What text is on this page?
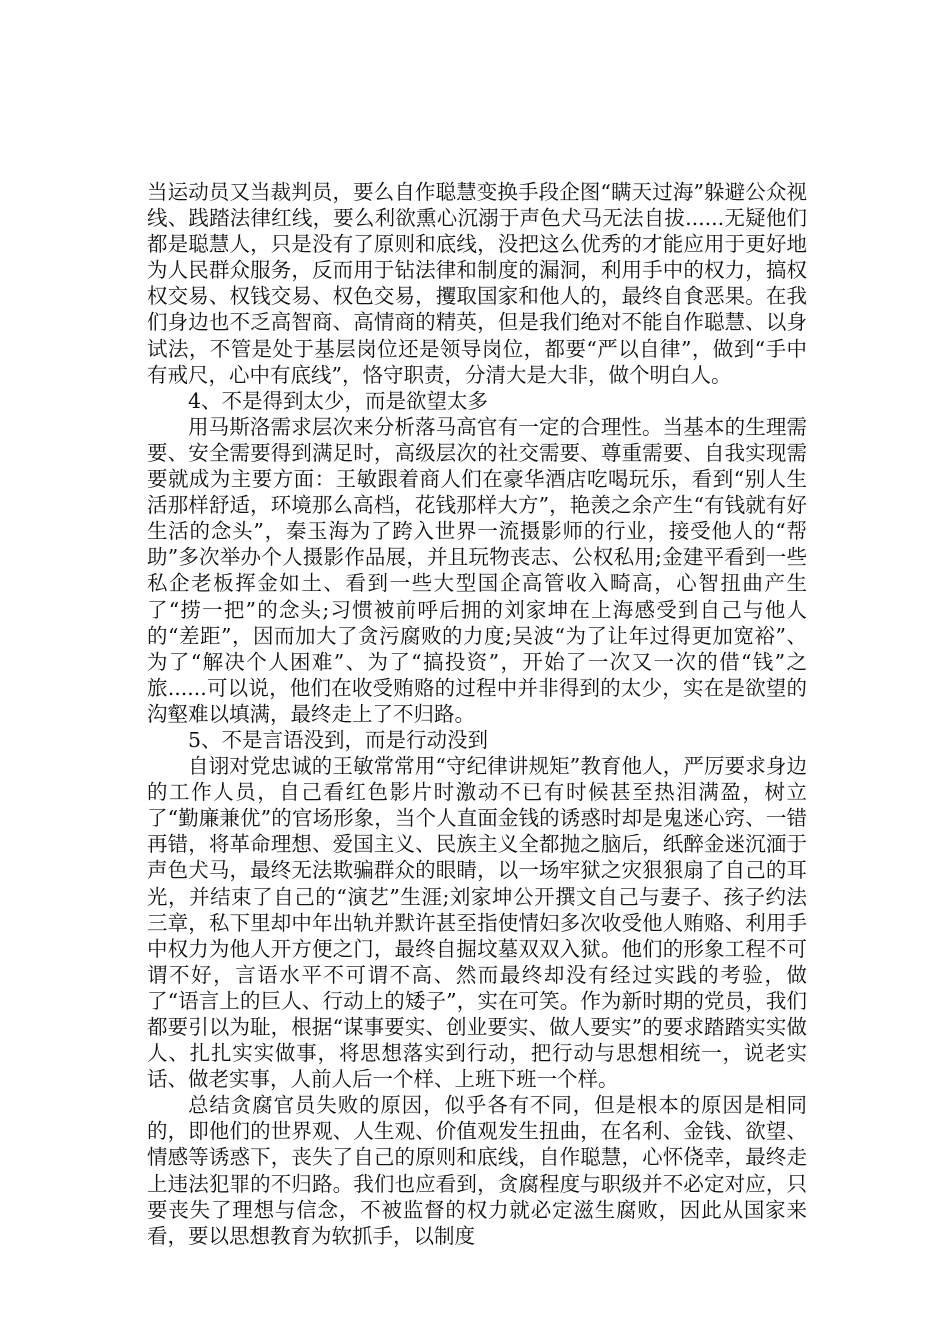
当运动员又当裁判员，要么自作聪慧变换手段企图“瞒天过海”躲避公众视线、践踏法律红线，要么利欲熏心沉溺于声色犬马无法自拔......无疑他们都是聪慧人，只是没有了原则和底线，没把这么优秀的才能应用于更好地为人民群众服务，反而用于钻法律和制度的漏洞，利用手中的权力，搞权权交易、权钱交易、权色交易，攫取国家和他人的，最终自食恶果。在我们身边也不乏高智商、高情商的精英，但是我们绝对不能自作聪慧、以身试法，不管是处于基层岗位还是领导岗位，都要“严以自律”，做到“手中有戒尺，心中有底线”，恪守职责，分清大是大非，做个明白人。

4、不是得到太少，而是欲望太多

用马斯洛需求层次来分析落马高官有一定的合理性。当基本的生理需要、安全需要得到满足时，高级层次的社交需要、尊重需要、自我实现需要就成为主要方面：王敏跟着商人们在豪华酒店吃喝玩乐，看到“别人生活那样舒适，环境那么高档，花钱那样大方”，艳羡之余产生“有钱就有好生活的念头”，秦玉海为了跨入世界一流摄影师的行业，接受他人的“帮助”多次举办个人摄影作品展，并且玩物丧志、公权私用;金建平看到一些私企老板挥金如土、看到一些大型国企高管收入畸高，心智扭曲产生了“捞一把”的念头;习惯被前呼后拥的刘家坤在上海感受到自己与他人的“差距”，因而加大了贪污腐败的力度;吴波“为了让年过得更加宽裕”、为了“解决个人困难”、为了“搞投资”，开始了一次又一次的借“钱”之旅......可以说，他们在收受贿赂的过程中并非得到的太少，实在是欲望的沟壑难以填满，最终走上了不归路。

5、不是言语没到，而是行动没到

自诩对党忠诚的王敏常常用“守纪律讲规矩”教育他人，严厉要求身边的工作人员，自己看红色影片时激动不已有时候甚至热泪满盈，树立了“勤廉兼优”的官场形象，当个人直面金钱的诱惑时却是鬼迷心窍、一错再错，将革命理想、爱国主义、民族主义全都抛之脑后，纸醉金迷沉湎于声色犬马，最终无法欺骗群众的眼睛，以一场牢狱之灾狠狠扇了自己的耳光，并结束了自己的“演艺”生涯;刘家坤公开撰文自己与妻子、孩子约法三章，私下里却中年出轨并默许甚至指使情妇多次收受他人贿赂、利用手中权力为他人开方便之门，最终自掘坟墓双双入狱。他们的形象工程不可谓不好，言语水平不可谓不高、然而最终却没有经过实践的考验，做了“语言上的巨人、行动上的矮子”，实在可笑。作为新时期的党员，我们都要引以为耻，根据“谋事要实、创业要实、做人要实”的要求踏踏实实做人、扎扎实实做事，将思想落实到行动，把行动与思想相统一，说老实话、做老实事，人前人后一个样、上班下班一个样。

总结贪腐官员失败的原因，似乎各有不同，但是根本的原因是相同的，即他们的世界观、人生观、价值观发生扭曲，在名利、金钱、欲望、情感等诱惑下，丧失了自己的原则和底线，自作聪慧，心怀侥幸，最终走上违法犯罪的不归路。我们也应看到，贪腐程度与职级并不必定对应，只要丧失了理想与信念，不被监督的权力就必定滋生腐败，因此从国家来看，要以思想教育为软抓手，以制度
